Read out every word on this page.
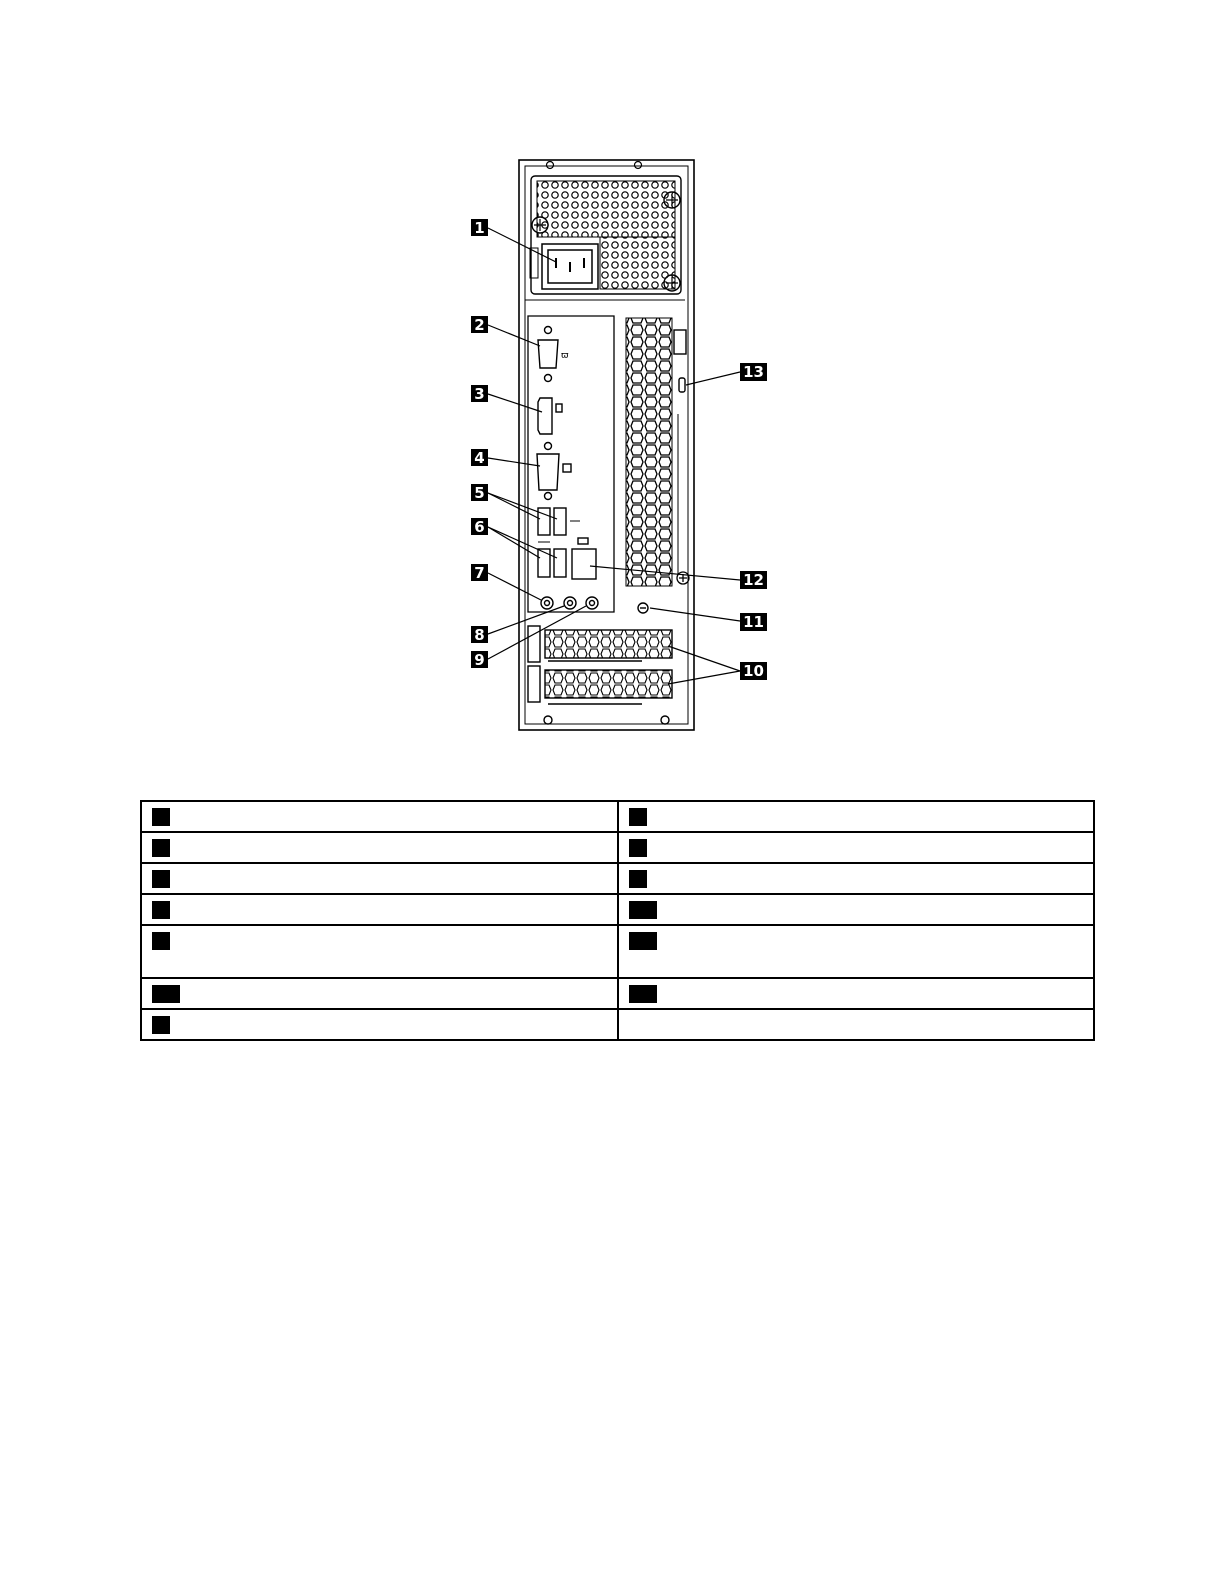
ϖ
1
2
3
4
5
6
7
8
9
10
11
12
13
1	7
2	8
3	9
4	10
5	11
12	13
6	
